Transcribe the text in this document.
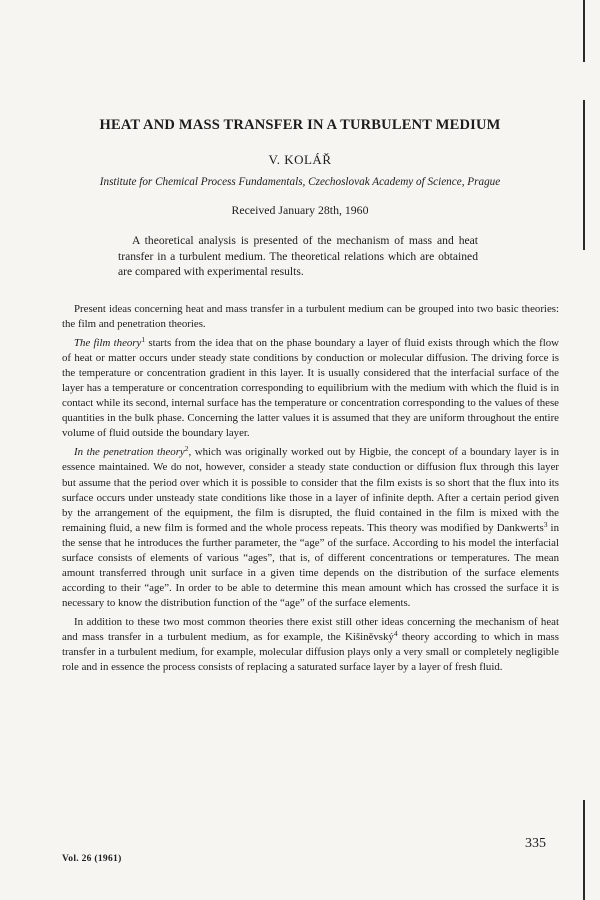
HEAT AND MASS TRANSFER IN A TURBULENT MEDIUM
V. KOLÁŘ
Institute for Chemical Process Fundamentals, Czechoslovak Academy of Science, Prague
Received January 28th, 1960

A theoretical analysis is presented of the mechanism of mass and heat transfer in a turbulent medium. The theoretical relations which are obtained are compared with experimental results.

Present ideas concerning heat and mass transfer in a turbulent medium can be grouped into two basic theories: the film and penetration theories.

The film theory$^1$ starts from the idea that on the phase boundary a layer of fluid exists through which the flow of heat or matter occurs under steady state conditions by conduction or molecular diffusion. The driving force is the temperature or concentration gradient in this layer. It is usually considered that the interfacial surface of the layer has a temperature or concentration corresponding to equilibrium with the medium with which the fluid is in contact while its second, internal surface has the temperature or concentration corresponding to the values of these quantities in the bulk phase. Concerning the latter values it is assumed that they are uniform throughout the entire volume of fluid outside the boundary layer.

In the penetration theory$^2$, which was originally worked out by Higbie, the concept of a boundary layer is in essence maintained. We do not, however, consider a steady state conduction or diffusion flux through this layer but assume that the period over which it is possible to consider that the film exists is so short that the flux into its surface occurs under unsteady state conditions like those in a layer of infinite depth. After a certain period given by the arrangement of the equipment, the film is disrupted, the fluid contained in the film is mixed with the remaining fluid, a new film is formed and the whole process repeats. This theory was modified by Dankwerts$^3$ in the sense that he introduces the further parameter, the “age” of the surface. According to his model the interfacial surface consists of elements of various “ages”, that is, of different concentrations or temperatures. The mean amount transferred through unit surface in a given time depends on the distribution of the surface elements according to their “age”. In order to be able to determine this mean amount which has crossed the surface it is necessary to know the distribution function of the “age” of the surface elements.

In addition to these two most common theories there exist still other ideas concerning the mechanism of heat and mass transfer in a turbulent medium, as for example, the Kišiněvský$^4$ theory according to which in mass transfer in a turbulent medium, for example, molecular diffusion plays only a very small or completely negligible role and in essence the process consists of replacing a saturated surface layer by a layer of fresh fluid.

Vol. 26 (1961)
335
